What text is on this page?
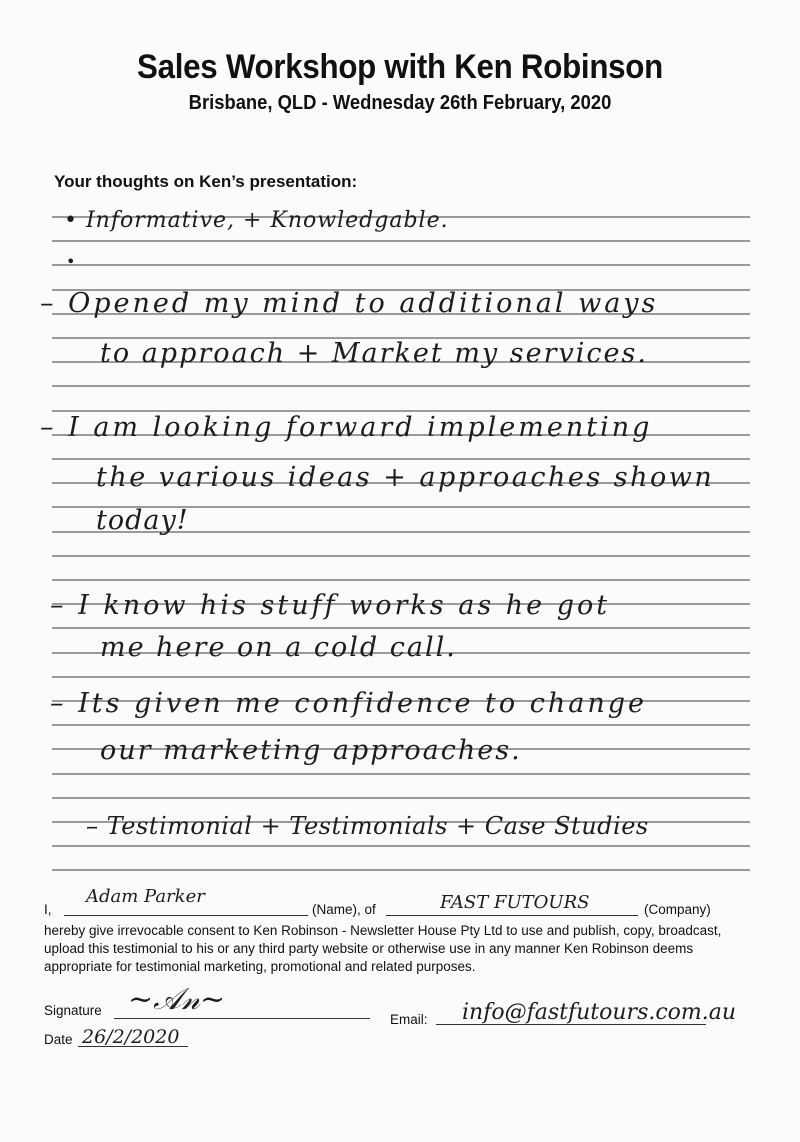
Sales Workshop with Ken Robinson
Brisbane, QLD - Wednesday 26th February, 2020
Your thoughts on Ken’s presentation:
• Informative, + Knowledgable.
•
– Opened my mind to additional ways
to approach + Market my services.
– I am looking forward implementing
the various ideas + approaches shown
today!
– I know his stuff works as he got
me here on a cold call.
– Its given me confidence to change
our marketing approaches.
– Testimonial + Testimonials + Case Studies
I,
Adam Parker
(Name), of	FAST FUTOURS	(Company)
hereby give irrevocable consent to Ken Robinson - Newsletter House Pty Ltd to use and publish, copy, broadcast, upload this testimonial to his or any third party website or otherwise use in any manner Ken Robinson deems appropriate for testimonial marketing, promotional and related purposes.
Signature ~𝒜𝓃~
Email: info@fastfutours.com.au
Date 26/2/2020
